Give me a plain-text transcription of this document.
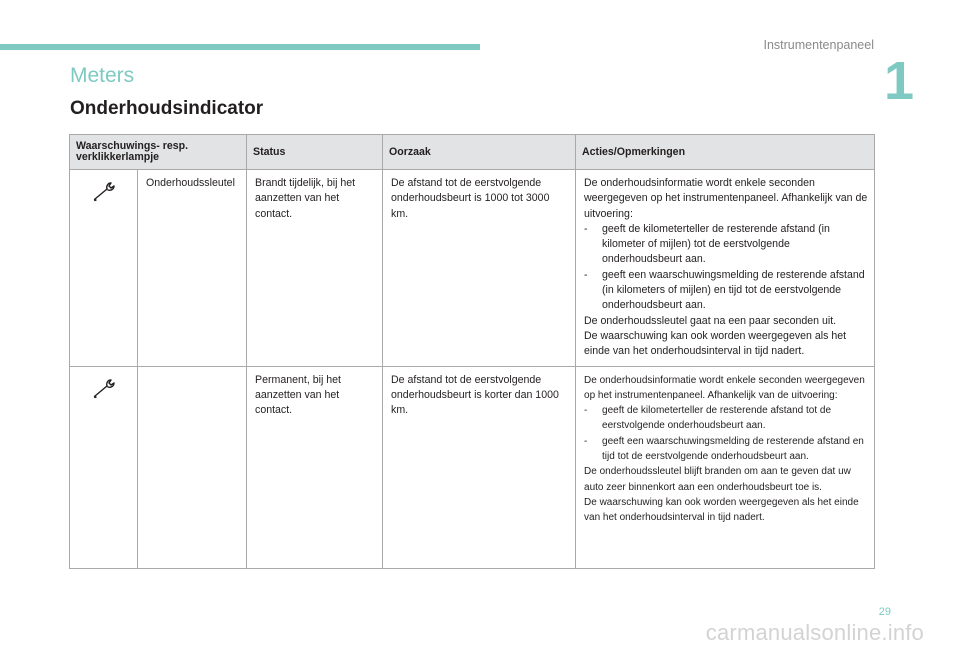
Instrumentenpaneel
1
Meters
Onderhoudsindicator
Waarschuwings- resp. verklikkerlampje		Status	Oorzaak	Acties/Opmerkingen
	Onderhoudssleutel	Brandt tijdelijk, bij het aanzetten van het contact.	De afstand tot de eerstvolgende onderhoudsbeurt is 1000 tot 3000 km.	De onderhoudsinformatie wordt enkele seconden weergegeven op het instrumentenpaneel. Afhankelijk van de uitvoering:
- geeft de kilometerteller de resterende afstand (in kilometer of mijlen) tot de eerstvolgende onderhoudsbeurt aan.
- geeft een waarschuwingsmelding de resterende afstand (in kilometers of mijlen) en tijd tot de eerstvolgende onderhoudsbeurt aan.
De onderhoudssleutel gaat na een paar seconden uit.
De waarschuwing kan ook worden weergegeven als het einde van het onderhoudsinterval in tijd nadert.

		Permanent, bij het aanzetten van het contact.	De afstand tot de eerstvolgende onderhoudsbeurt is korter dan 1000 km.	De onderhoudsinformatie wordt enkele seconden weergegeven op het instrumentenpaneel. Afhankelijk van de uitvoering:
- geeft de kilometerteller de resterende afstand tot de eerstvolgende onderhoudsbeurt aan.
- geeft een waarschuwingsmelding de resterende afstand en tijd tot de eerstvolgende onderhoudsbeurt aan.
De onderhoudssleutel blijft branden om aan te geven dat uw auto zeer binnenkort aan een onderhoudsbeurt toe is.
De waarschuwing kan ook worden weergegeven als het einde van het onderhoudsinterval in tijd nadert.
29
carmanualsonline.info
